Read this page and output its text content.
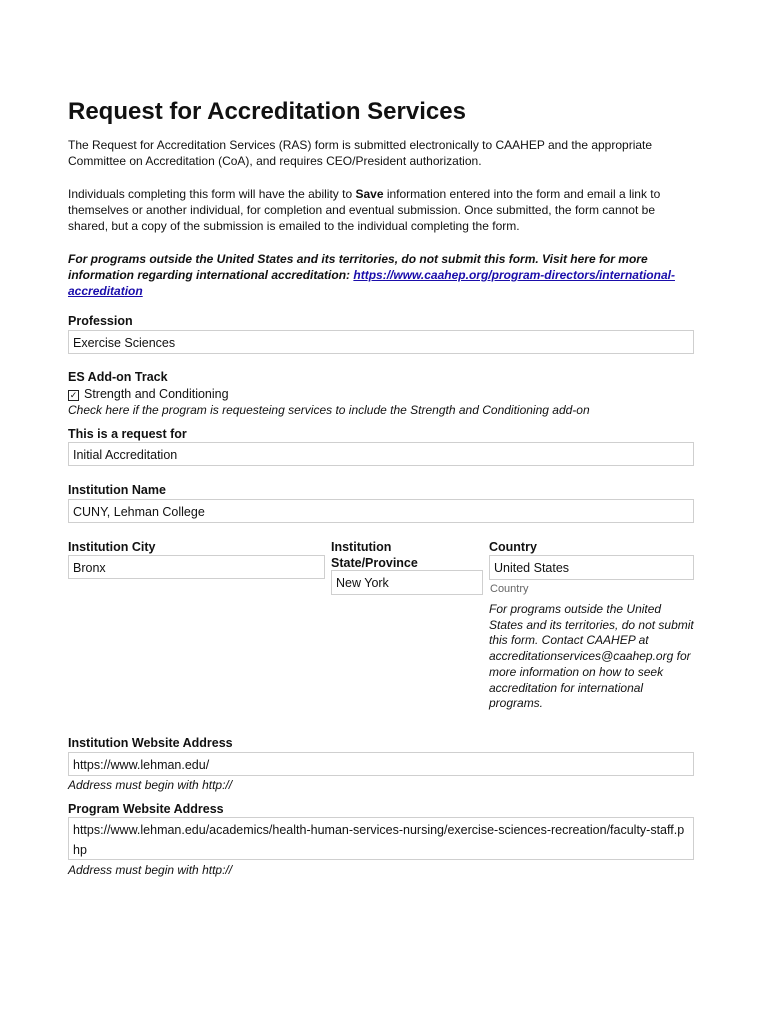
Request for Accreditation Services

The Request for Accreditation Services (RAS) form is submitted electronically to CAAHEP and the appropriate Committee on Accreditation (CoA), and requires CEO/President authorization.

Individuals completing this form will have the ability to Save information entered into the form and email a link to themselves or another individual, for completion and eventual submission. Once submitted, the form cannot be shared, but a copy of the submission is emailed to the individual completing the form.

For programs outside the United States and its territories, do not submit this form. Visit here for more information regarding international accreditation: https://www.caahep.org/program-directors/international-accreditation

Profession
Exercise Sciences
ES Add-on Track
✓ Strength and Conditioning
Check here if the program is requesteing services to include the Strength and Conditioning add-on
This is a request for
Initial Accreditation
Institution Name
CUNY, Lehman College
Institution City
Bronx
Institution State/Province
New York
Country
United States
Country
For programs outside the United States and its territories, do not submit this form. Contact CAAHEP at accreditationservices@caahep.org for more information on how to seek accreditation for international programs.
Institution Website Address
https://www.lehman.edu/
Address must begin with http://
Program Website Address
https://www.lehman.edu/academics/health-human-services-nursing/exercise-sciences-recreation/faculty-staff.php
Address must begin with http://
